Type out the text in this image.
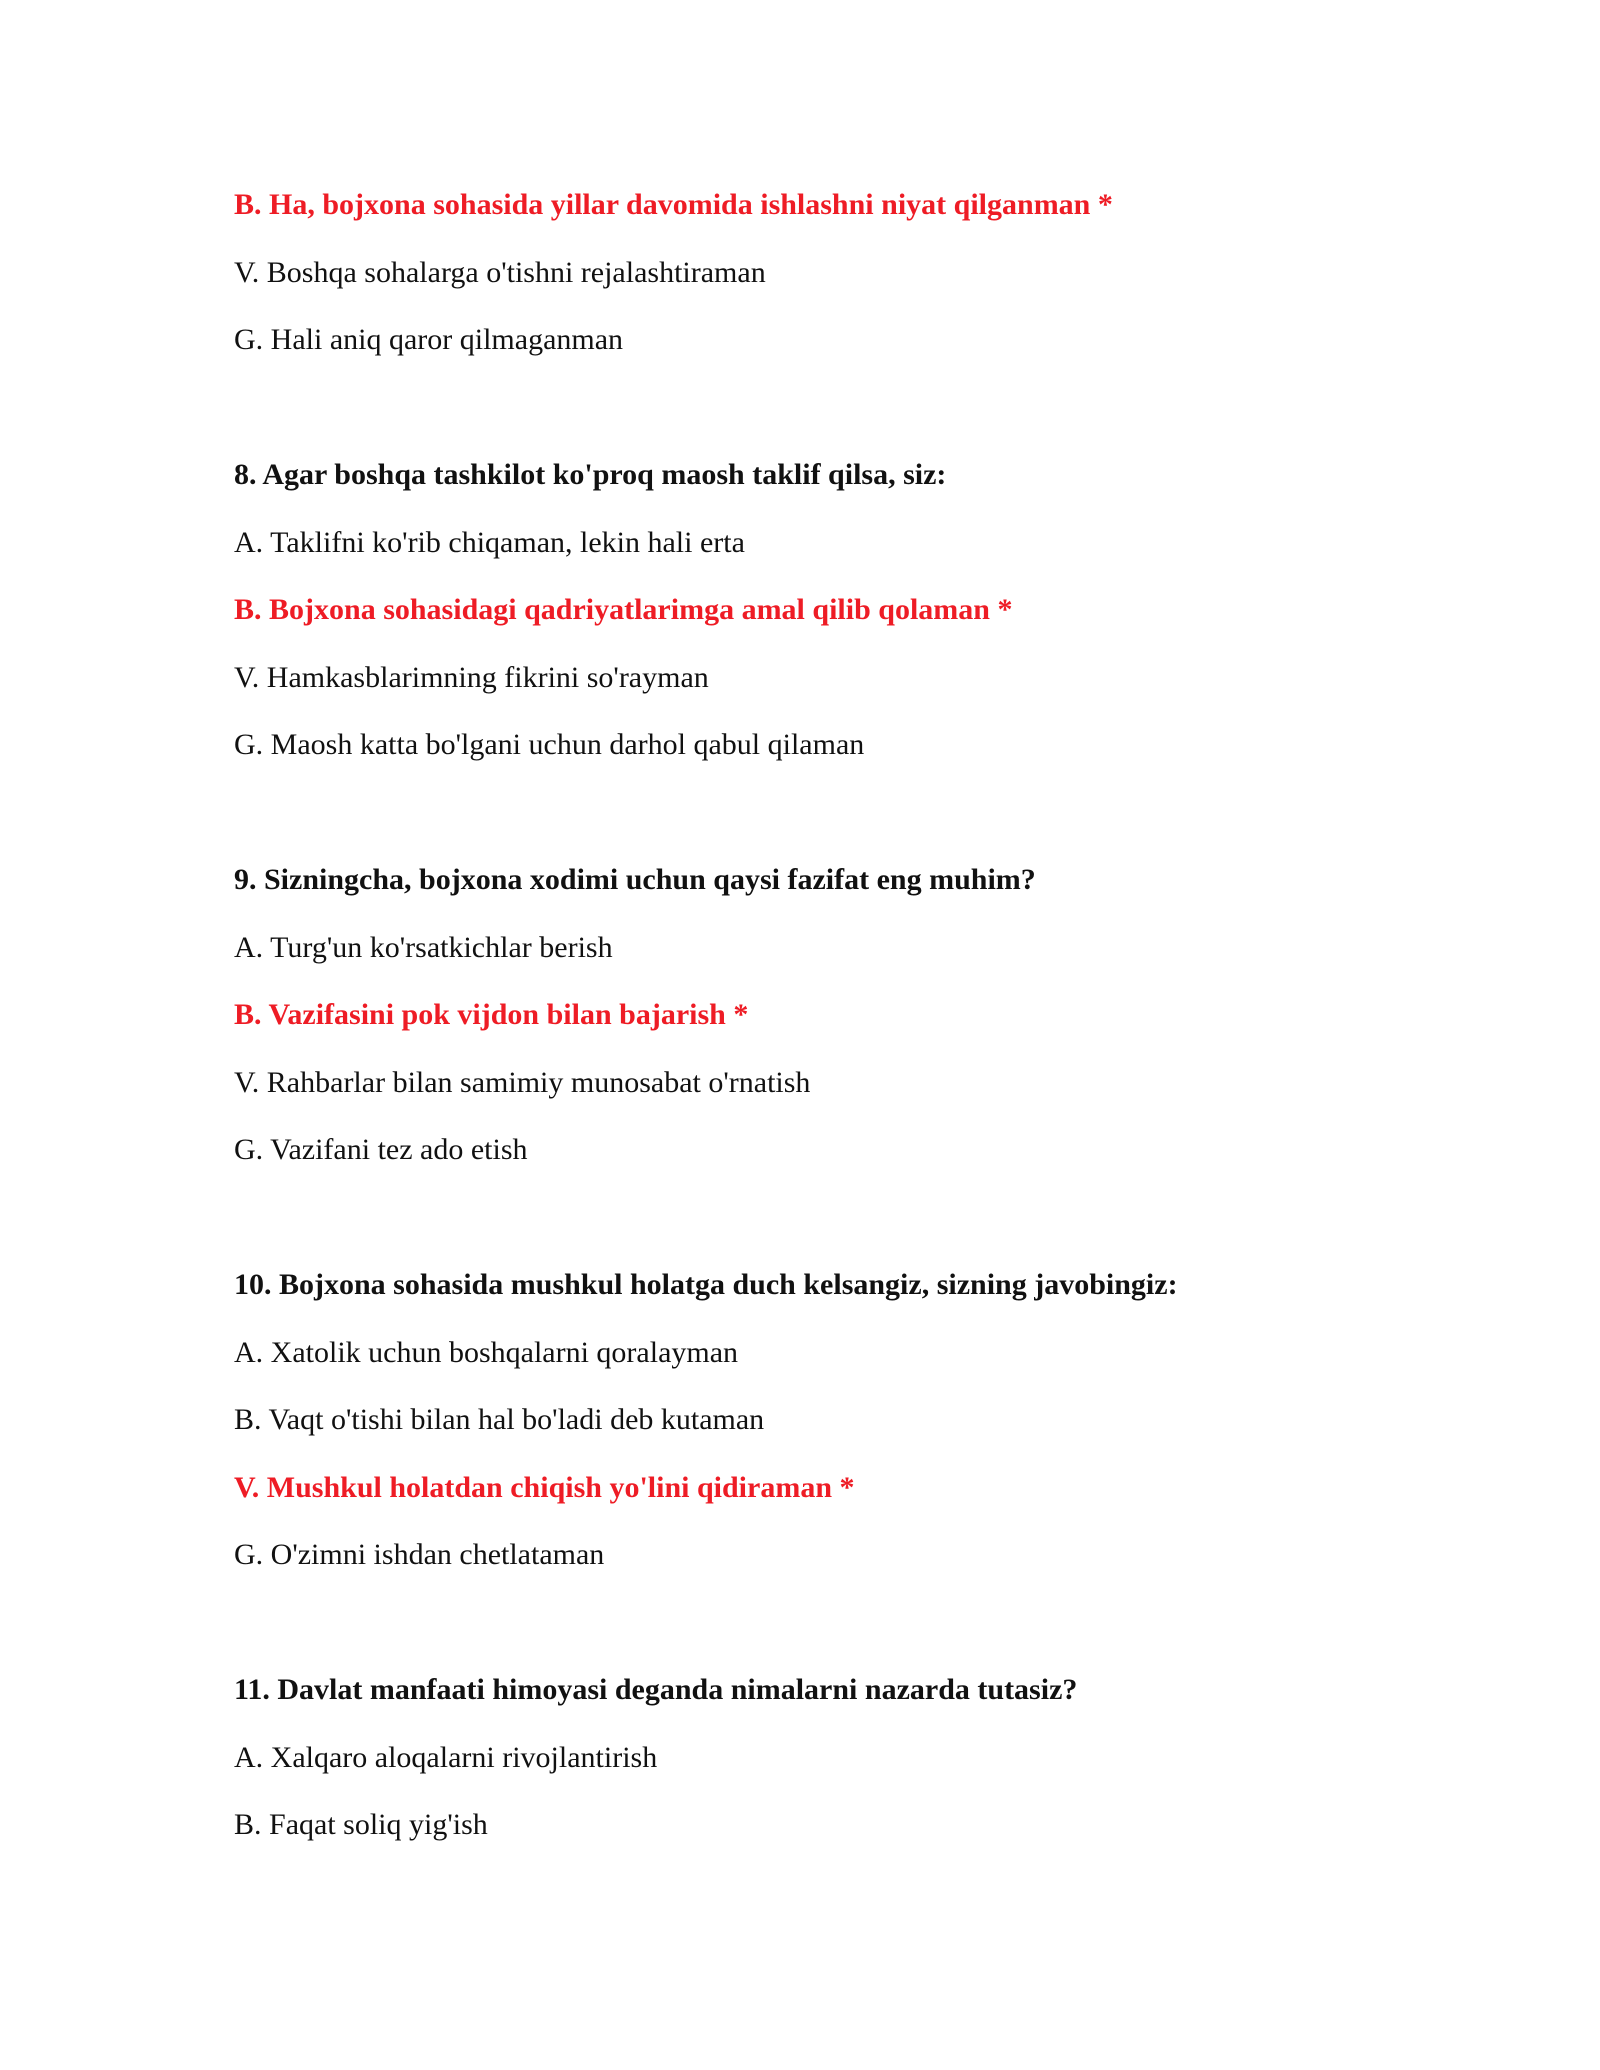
B. Ha, bojxona sohasida yillar davomida ishlashni niyat qilganman *
V. Boshqa sohalarga o'tishni rejalashtiraman
G. Hali aniq qaror qilmaganman
8. Agar boshqa tashkilot ko'proq maosh taklif qilsa, siz:
A. Taklifni ko'rib chiqaman, lekin hali erta
B. Bojxona sohasidagi qadriyatlarimga amal qilib qolaman *
V. Hamkasblarimning fikrini so'rayman
G. Maosh katta bo'lgani uchun darhol qabul qilaman
9. Sizningcha, bojxona xodimi uchun qaysi fazifat eng muhim?
A. Turg'un ko'rsatkichlar berish
B. Vazifasini pok vijdon bilan bajarish *
V. Rahbarlar bilan samimiy munosabat o'rnatish
G. Vazifani tez ado etish
10. Bojxona sohasida mushkul holatga duch kelsangiz, sizning javobingiz:
A. Xatolik uchun boshqalarni qoralayman
B. Vaqt o'tishi bilan hal bo'ladi deb kutaman
V. Mushkul holatdan chiqish yo'lini qidiraman *
G. O'zimni ishdan chetlataman
11. Davlat manfaati himoyasi deganda nimalarni nazarda tutasiz?
A. Xalqaro aloqalarni rivojlantirish
B. Faqat soliq yig'ish
